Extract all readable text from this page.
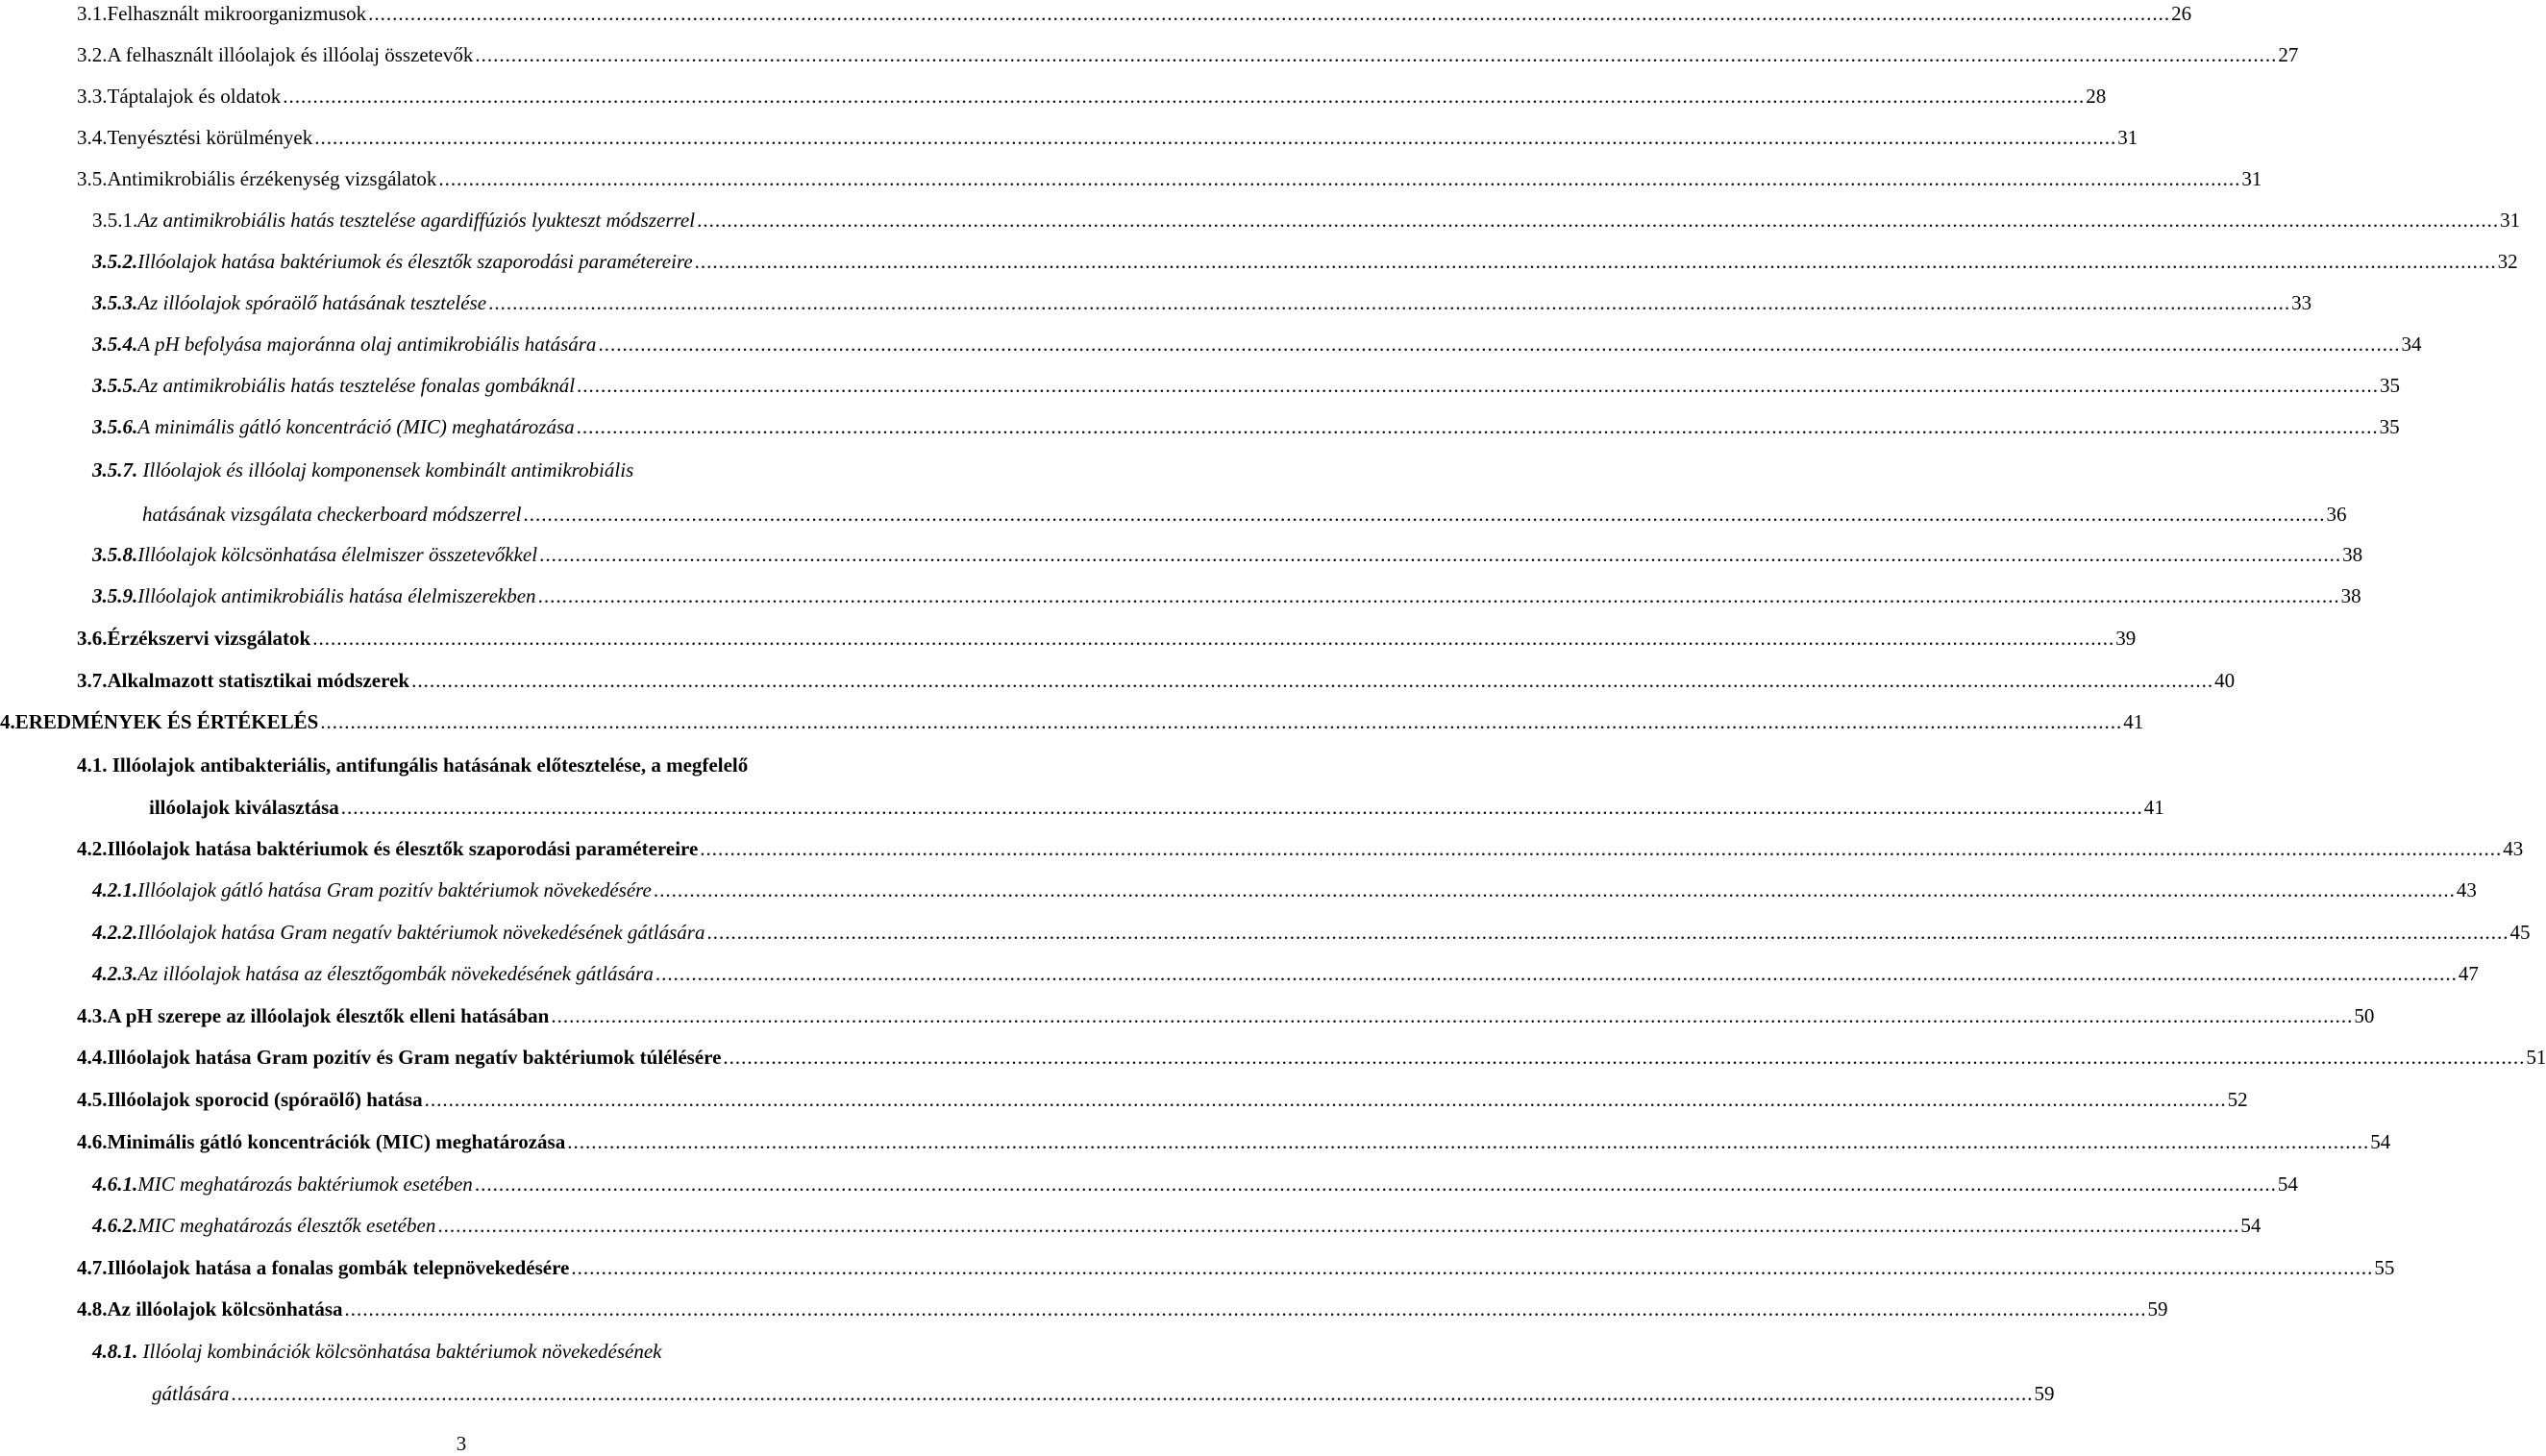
3.1. Felhasznált mikroorganizmusok ............................................................................................................................................................................................................................................................................................................ 26
3.2. A felhasznált illóolajok és illóolaj összetevők ............................................................................................................................................................................................................................................................................................................ 27
3.3. Táptalajok és oldatok ............................................................................................................................................................................................................................................................................................................ 28
3.4. Tenyésztési körülmények ............................................................................................................................................................................................................................................................................................................ 31
3.5. Antimikrobiális érzékenység vizsgálatok ............................................................................................................................................................................................................................................................................................................ 31
3.5.1. Az antimikrobiális hatás tesztelése agardiffúziós lyukteszt módszerrel ............................................................................................................................................................................................................................................................................................................ 31
3.5.2. Illóolajok hatása baktériumok és élesztők szaporodási paramétereire ............................................................................................................................................................................................................................................................................................................ 32
3.5.3. Az illóolajok spóraölő hatásának tesztelése ............................................................................................................................................................................................................................................................................................................ 33
3.5.4. A pH befolyása majoránna olaj antimikrobiális hatására ............................................................................................................................................................................................................................................................................................................ 34
3.5.5. Az antimikrobiális hatás tesztelése fonalas gombáknál ............................................................................................................................................................................................................................................................................................................ 35
3.5.6. A minimális gátló koncentráció (MIC) meghatározása ............................................................................................................................................................................................................................................................................................................ 35
3.5.7. Illóolajok és illóolaj komponensek kombinált antimikrobiális
hatásának vizsgálata checkerboard módszerrel ............................................................................................................................................................................................................................................................................................................ 36
3.5.8. Illóolajok kölcsönhatása élelmiszer összetevőkkel ............................................................................................................................................................................................................................................................................................................ 38
3.5.9. Illóolajok antimikrobiális hatása élelmiszerekben ............................................................................................................................................................................................................................................................................................................ 38
3.6. Érzékszervi vizsgálatok ............................................................................................................................................................................................................................................................................................................ 39
3.7. Alkalmazott statisztikai módszerek ............................................................................................................................................................................................................................................................................................................ 40
4. EREDMÉNYEK ÉS ÉRTÉKELÉS ............................................................................................................................................................................................................................................................................................................ 41
4.1. Illóolajok antibakteriális, antifungális hatásának előtesztelése, a megfelelő
illóolajok kiválasztása ............................................................................................................................................................................................................................................................................................................ 41
4.2. Illóolajok hatása baktériumok és élesztők szaporodási paramétereire ............................................................................................................................................................................................................................................................................................................ 43
4.2.1. Illóolajok gátló hatása Gram pozitív baktériumok növekedésére ............................................................................................................................................................................................................................................................................................................ 43
4.2.2. Illóolajok hatása Gram negatív baktériumok növekedésének gátlására ............................................................................................................................................................................................................................................................................................................ 45
4.2.3. Az illóolajok hatása az élesztőgombák növekedésének gátlására ............................................................................................................................................................................................................................................................................................................ 47
4.3. A pH szerepe az illóolajok élesztők elleni hatásában ............................................................................................................................................................................................................................................................................................................ 50
4.4. Illóolajok hatása Gram pozitív és Gram negatív baktériumok túlélésére ............................................................................................................................................................................................................................................................................................................ 51
4.5. Illóolajok sporocid (spóraölő) hatása ............................................................................................................................................................................................................................................................................................................ 52
4.6. Minimális gátló koncentrációk (MIC) meghatározása ............................................................................................................................................................................................................................................................................................................ 54
4.6.1. MIC meghatározás baktériumok esetében ............................................................................................................................................................................................................................................................................................................ 54
4.6.2. MIC meghatározás élesztők esetében ............................................................................................................................................................................................................................................................................................................ 54
4.7. Illóolajok hatása a fonalas gombák telepnövekedésére ............................................................................................................................................................................................................................................................................................................ 55
4.8. Az illóolajok kölcsönhatása ............................................................................................................................................................................................................................................................................................................ 59
4.8.1. Illóolaj kombinációk kölcsönhatása baktériumok növekedésének
gátlására ............................................................................................................................................................................................................................................................................................................ 59
3
